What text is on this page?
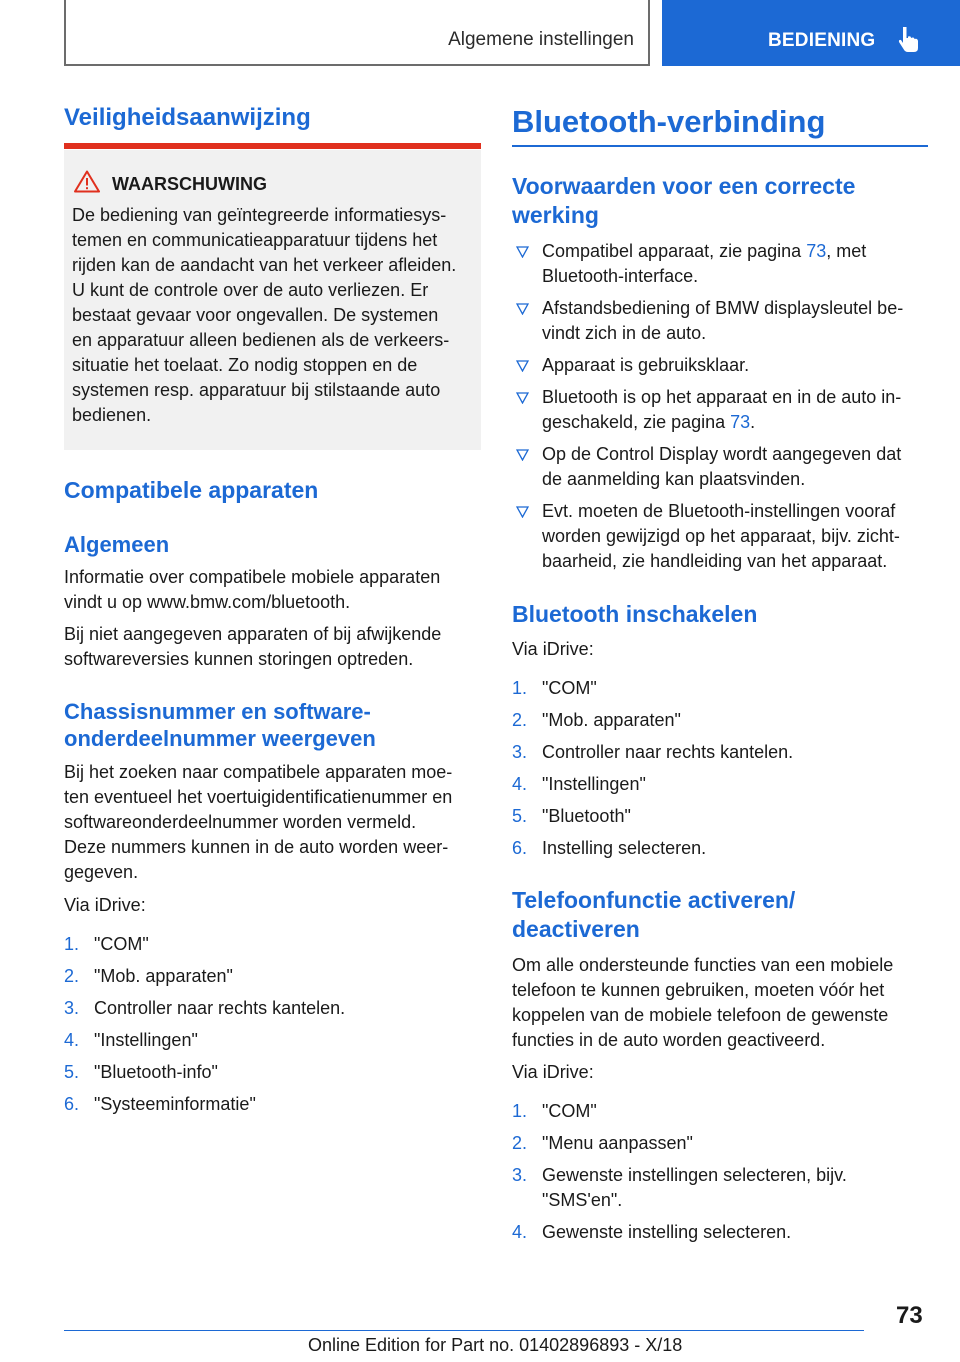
Algemene instellingen	BEDIENING
Veiligheidsaanwijzing
WAARSCHUWING
De bediening van geïntegreerde informatiesys-
temen en communicatieapparatuur tijdens het
rijden kan de aandacht van het verkeer afleiden.
U kunt de controle over de auto verliezen. Er
bestaat gevaar voor ongevallen. De systemen
en apparatuur alleen bedienen als de verkeers-
situatie het toelaat. Zo nodig stoppen en de
systemen resp. apparatuur bij stilstaande auto
bedienen.
Compatibele apparaten
Algemeen
Informatie over compatibele mobiele apparaten
vindt u op www.bmw.com/bluetooth.
Bij niet aangegeven apparaten of bij afwijkende
softwareversies kunnen storingen optreden.
Chassisnummer en software-
onderdeelnummer weergeven
Bij het zoeken naar compatibele apparaten moe-
ten eventueel het voertuigidentificatienummer en
softwareonderdeelnummer worden vermeld.
Deze nummers kunnen in de auto worden weer-
gegeven.
Via iDrive:
1. "COM"
2. "Mob. apparaten"
3. Controller naar rechts kantelen.
4. "Instellingen"
5. "Bluetooth-info"
6. "Systeeminformatie"
Bluetooth-verbinding
Voorwaarden voor een correcte
werking
Compatibel apparaat, zie pagina 73, met
Bluetooth-interface.
Afstandsbediening of BMW displaysleutel be-
vindt zich in de auto.
Apparaat is gebruiksklaar.
Bluetooth is op het apparaat en in de auto in-
geschakeld, zie pagina 73.
Op de Control Display wordt aangegeven dat
de aanmelding kan plaatsvinden.
Evt. moeten de Bluetooth-instellingen vooraf
worden gewijzigd op het apparaat, bijv. zicht-
baarheid, zie handleiding van het apparaat.
Bluetooth inschakelen
Via iDrive:
1. "COM"
2. "Mob. apparaten"
3. Controller naar rechts kantelen.
4. "Instellingen"
5. "Bluetooth"
6. Instelling selecteren.
Telefoonfunctie activeren/
deactiveren
Om alle ondersteunde functies van een mobiele
telefoon te kunnen gebruiken, moeten vóór het
koppelen van de mobiele telefoon de gewenste
functies in de auto worden geactiveerd.
Via iDrive:
1. "COM"
2. "Menu aanpassen"
3. Gewenste instellingen selecteren, bijv.
"SMS'en".
4. Gewenste instelling selecteren.
73
Online Edition for Part no. 01402896893 - X/18
